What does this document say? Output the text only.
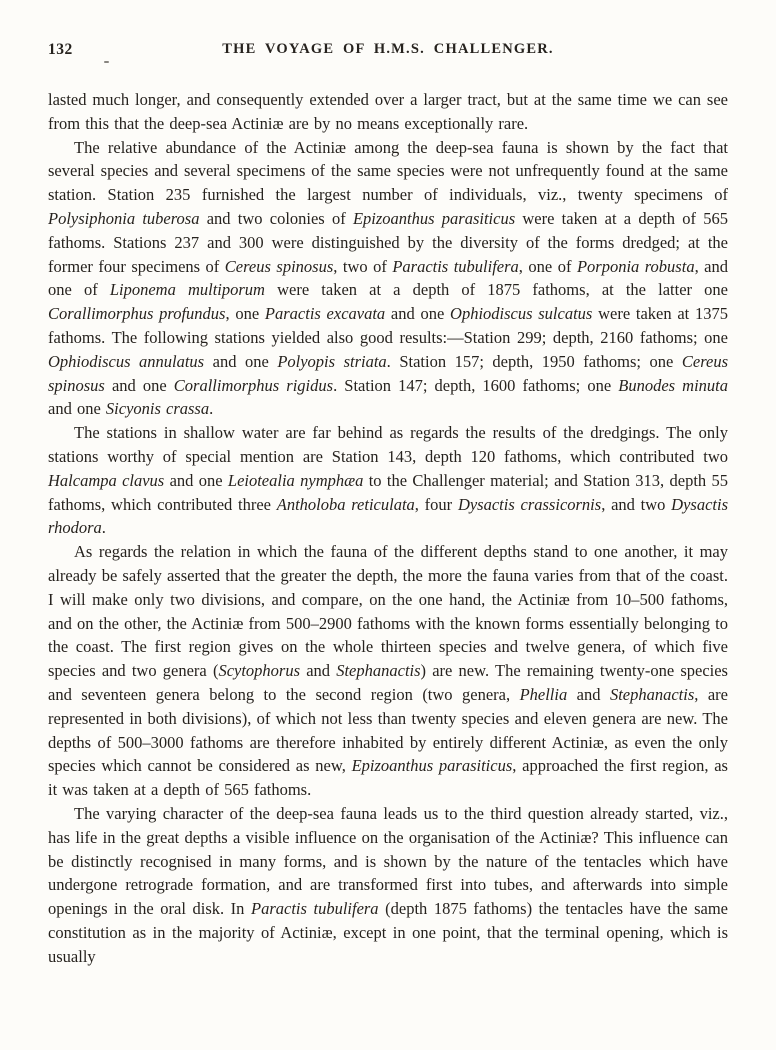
132	THE VOYAGE OF H.M.S. CHALLENGER.

lasted much longer, and consequently extended over a larger tract, but at the same time we can see from this that the deep-sea Actiniæ are by no means exceptionally rare.

The relative abundance of the Actiniæ among the deep-sea fauna is shown by the fact that several species and several specimens of the same species were not unfrequently found at the same station. Station 235 furnished the largest number of individuals, viz., twenty specimens of Polysiphonia tuberosa and two colonies of Epizoanthus parasiticus were taken at a depth of 565 fathoms. Stations 237 and 300 were distinguished by the diversity of the forms dredged; at the former four specimens of Cereus spinosus, two of Paractis tubulifera, one of Porponia robusta, and one of Liponema multiporum were taken at a depth of 1875 fathoms, at the latter one Corallimorphus profundus, one Paractis excavata and one Ophiodiscus sulcatus were taken at 1375 fathoms. The following stations yielded also good results:—Station 299; depth, 2160 fathoms; one Ophiodiscus annulatus and one Polyopis striata. Station 157; depth, 1950 fathoms; one Cereus spinosus and one Corallimorphus rigidus. Station 147; depth, 1600 fathoms; one Bunodes minuta and one Sicyonis crassa.

The stations in shallow water are far behind as regards the results of the dredgings. The only stations worthy of special mention are Station 143, depth 120 fathoms, which contributed two Halcampa clavus and one Leiotealia nymphæa to the Challenger material; and Station 313, depth 55 fathoms, which contributed three Antholoba reticulata, four Dysactis crassicornis, and two Dysactis rhodora.

As regards the relation in which the fauna of the different depths stand to one another, it may already be safely asserted that the greater the depth, the more the fauna varies from that of the coast. I will make only two divisions, and compare, on the one hand, the Actiniæ from 10–500 fathoms, and on the other, the Actiniæ from 500–2900 fathoms with the known forms essentially belonging to the coast. The first region gives on the whole thirteen species and twelve genera, of which five species and two genera (Scytophorus and Stephanactis) are new. The remaining twenty-one species and seventeen genera belong to the second region (two genera, Phellia and Stephanactis, are represented in both divisions), of which not less than twenty species and eleven genera are new. The depths of 500–3000 fathoms are therefore inhabited by entirely different Actiniæ, as even the only species which cannot be considered as new, Epizoanthus parasiticus, approached the first region, as it was taken at a depth of 565 fathoms.

The varying character of the deep-sea fauna leads us to the third question already started, viz., has life in the great depths a visible influence on the organisation of the Actiniæ? This influence can be distinctly recognised in many forms, and is shown by the nature of the tentacles which have undergone retrograde formation, and are transformed first into tubes, and afterwards into simple openings in the oral disk. In Paractis tubulifera (depth 1875 fathoms) the tentacles have the same constitution as in the majority of Actiniæ, except in one point, that the terminal opening, which is usually
